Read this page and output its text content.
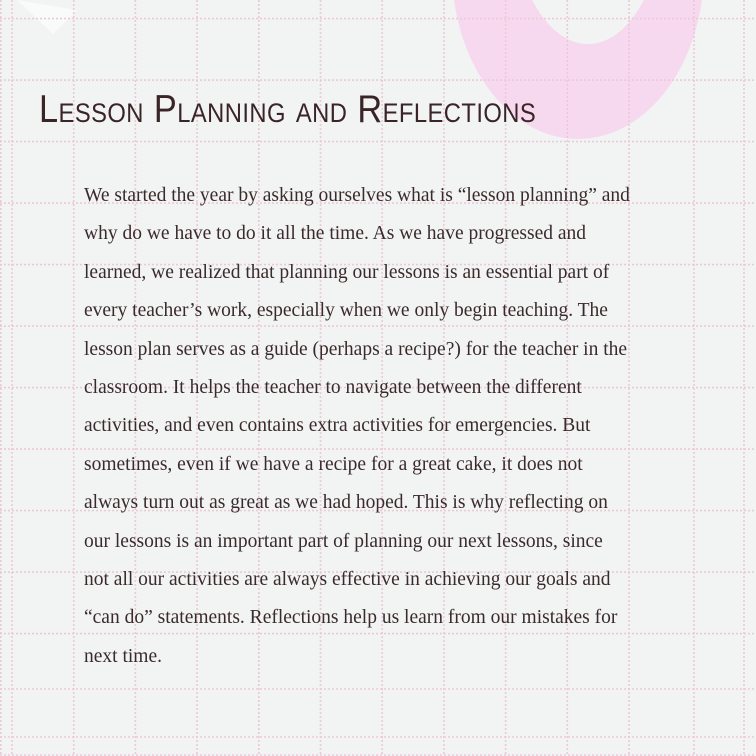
Lesson Planning and Reflections
We started the year by asking ourselves what is “lesson planning” and
why do we have to do it all the time. As we have progressed and
learned, we realized that planning our lessons is an essential part of
every teacher’s work, especially when we only begin teaching. The
lesson plan serves as a guide (perhaps a recipe?) for the teacher in the
classroom. It helps the teacher to navigate between the different
activities, and even contains extra activities for emergencies. But
sometimes, even if we have a recipe for a great cake, it does not
always turn out as great as we had hoped. This is why reflecting on
our lessons is an important part of planning our next lessons, since
not all our activities are always effective in achieving our goals and
“can do” statements. Reflections help us learn from our mistakes for
next time.
